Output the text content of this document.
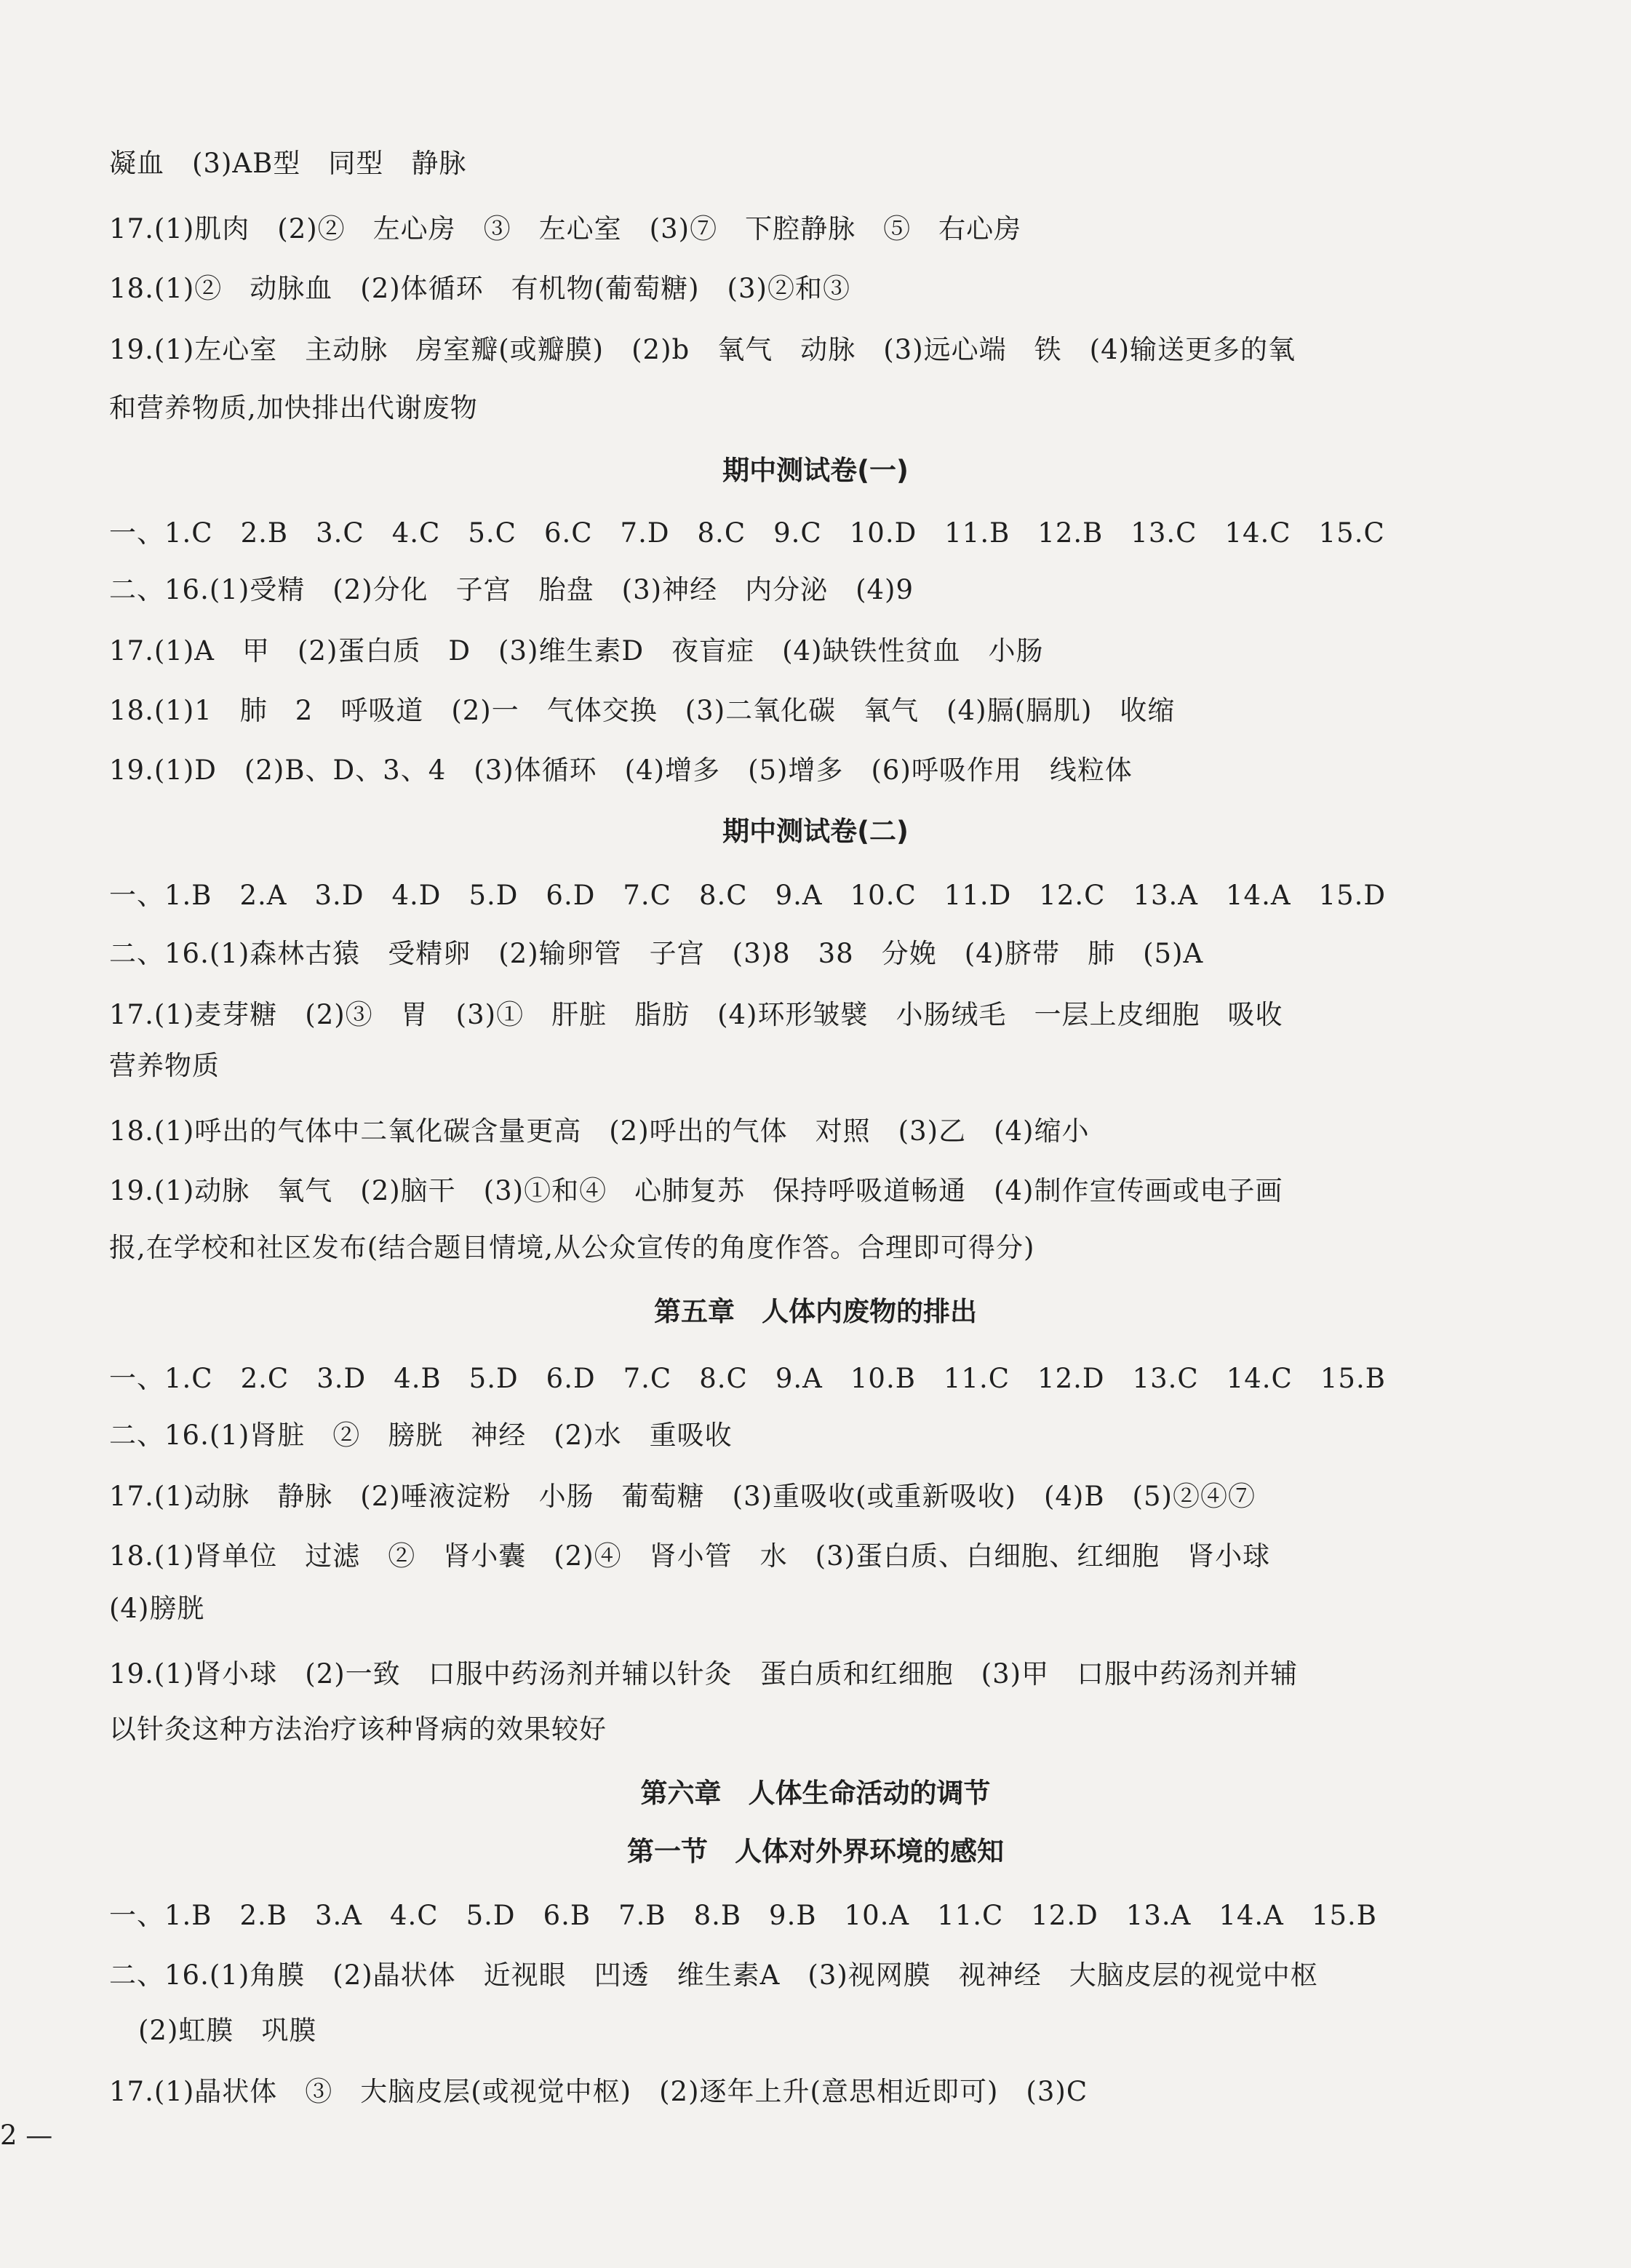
凝血　(3)AB型　同型　静脉
17.(1)肌肉　(2)②　左心房　③　左心室　(3)⑦　下腔静脉　⑤　右心房
18.(1)②　动脉血　(2)体循环　有机物(葡萄糖)　(3)②和③
19.(1)左心室　主动脉　房室瓣(或瓣膜)　(2)b　氧气　动脉　(3)远心端　铁　(4)输送更多的氧
和营养物质,加快排出代谢废物
期中测试卷(一)
一、1.C　2.B　3.C　4.C　5.C　6.C　7.D　8.C　9.C　10.D　11.B　12.B　13.C　14.C　15.C
二、16.(1)受精　(2)分化　子宫　胎盘　(3)神经　内分泌　(4)9
17.(1)A　甲　(2)蛋白质　D　(3)维生素D　夜盲症　(4)缺铁性贫血　小肠
18.(1)1　肺　2　呼吸道　(2)一　气体交换　(3)二氧化碳　氧气　(4)膈(膈肌)　收缩
19.(1)D　(2)B、D、3、4　(3)体循环　(4)增多　(5)增多　(6)呼吸作用　线粒体
期中测试卷(二)
一、1.B　2.A　3.D　4.D　5.D　6.D　7.C　8.C　9.A　10.C　11.D　12.C　13.A　14.A　15.D
二、16.(1)森林古猿　受精卵　(2)输卵管　子宫　(3)8　38　分娩　(4)脐带　肺　(5)A
17.(1)麦芽糖　(2)③　胃　(3)①　肝脏　脂肪　(4)环形皱襞　小肠绒毛　一层上皮细胞　吸收
营养物质
18.(1)呼出的气体中二氧化碳含量更高　(2)呼出的气体　对照　(3)乙　(4)缩小
19.(1)动脉　氧气　(2)脑干　(3)①和④　心肺复苏　保持呼吸道畅通　(4)制作宣传画或电子画
报,在学校和社区发布(结合题目情境,从公众宣传的角度作答。合理即可得分)
第五章　人体内废物的排出
一、1.C　2.C　3.D　4.B　5.D　6.D　7.C　8.C　9.A　10.B　11.C　12.D　13.C　14.C　15.B
二、16.(1)肾脏　②　膀胱　神经　(2)水　重吸收
17.(1)动脉　静脉　(2)唾液淀粉　小肠　葡萄糖　(3)重吸收(或重新吸收)　(4)B　(5)②④⑦
18.(1)肾单位　过滤　②　肾小囊　(2)④　肾小管　水　(3)蛋白质、白细胞、红细胞　肾小球
(4)膀胱
19.(1)肾小球　(2)一致　口服中药汤剂并辅以针灸　蛋白质和红细胞　(3)甲　口服中药汤剂并辅
以针灸这种方法治疗该种肾病的效果较好
第六章　人体生命活动的调节
第一节　人体对外界环境的感知
一、1.B　2.B　3.A　4.C　5.D　6.B　7.B　8.B　9.B　10.A　11.C　12.D　13.A　14.A　15.B
二、16.(1)角膜　(2)晶状体　近视眼　凹透　维生素A　(3)视网膜　视神经　大脑皮层的视觉中枢
(2)虹膜　巩膜
17.(1)晶状体　③　大脑皮层(或视觉中枢)　(2)逐年上升(意思相近即可)　(3)C
2 —
